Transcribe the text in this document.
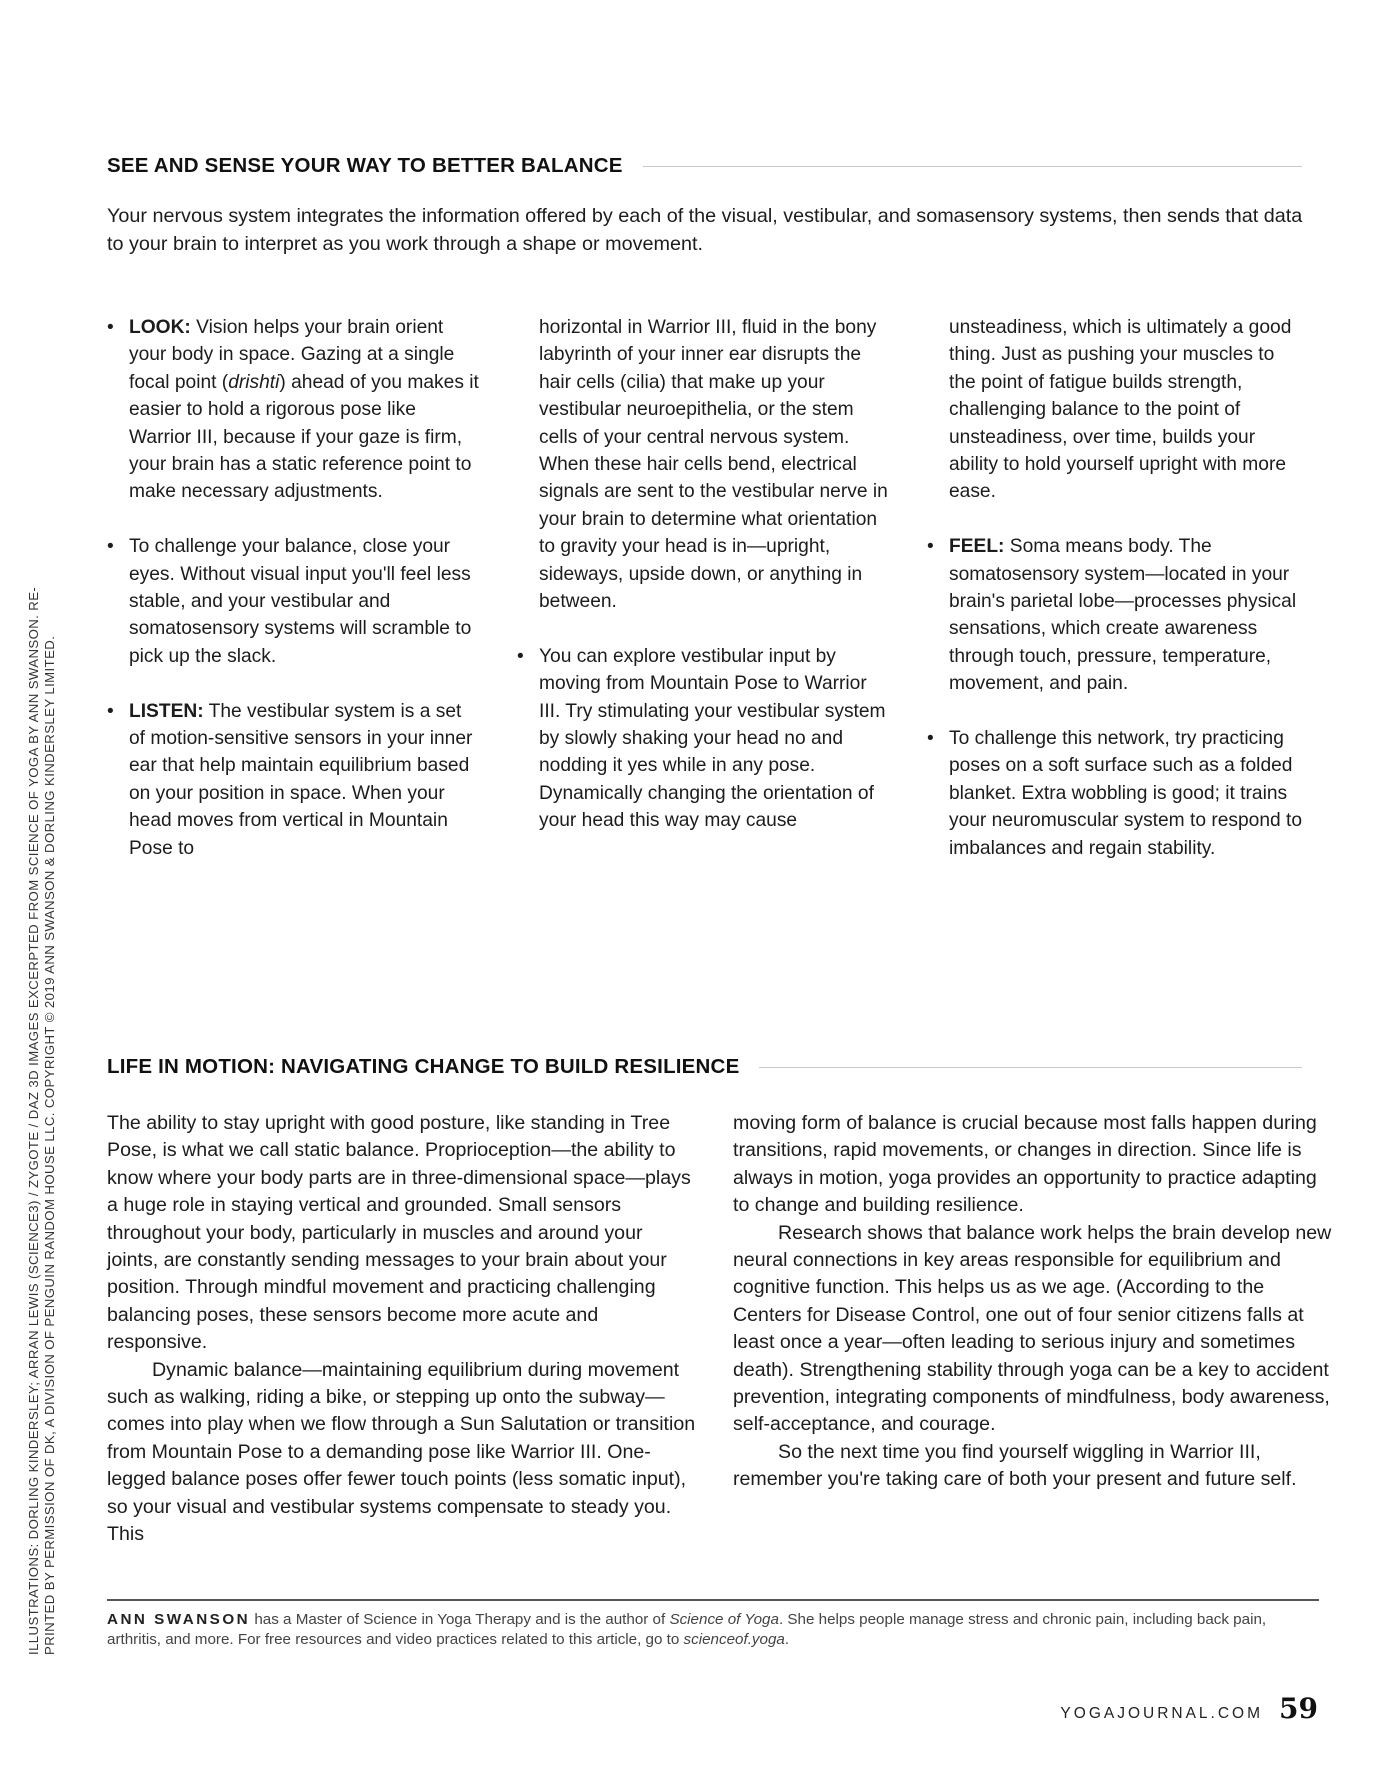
SEE AND SENSE YOUR WAY TO BETTER BALANCE

Your nervous system integrates the information offered by each of the visual, vestibular, and somasensory systems, then sends that data to your brain to interpret as you work through a shape or movement.

• LOOK: Vision helps your brain orient your body in space. Gazing at a single focal point (drishti) ahead of you makes it easier to hold a rigorous pose like Warrior III, because if your gaze is firm, your brain has a static reference point to make necessary adjustments.

• To challenge your balance, close your eyes. Without visual input you'll feel less stable, and your vestibular and somatosensory systems will scramble to pick up the slack.

• LISTEN: The vestibular system is a set of motion-sensitive sensors in your inner ear that help maintain equilibrium based on your position in space. When your head moves from vertical in Mountain Pose to

horizontal in Warrior III, fluid in the bony labyrinth of your inner ear disrupts the hair cells (cilia) that make up your vestibular neuroepithelia, or the stem cells of your central nervous system. When these hair cells bend, electrical signals are sent to the vestibular nerve in your brain to determine what orientation to gravity your head is in—upright, sideways, upside down, or anything in between.

• You can explore vestibular input by moving from Mountain Pose to Warrior III. Try stimulating your vestibular system by slowly shaking your head no and nodding it yes while in any pose. Dynamically changing the orientation of your head this way may cause

unsteadiness, which is ultimately a good thing. Just as pushing your muscles to the point of fatigue builds strength, challenging balance to the point of unsteadiness, over time, builds your ability to hold yourself upright with more ease.

• FEEL: Soma means body. The somatosensory system—located in your brain's parietal lobe—processes physical sensations, which create awareness through touch, pressure, temperature, movement, and pain.

• To challenge this network, try practicing poses on a soft surface such as a folded blanket. Extra wobbling is good; it trains your neuromuscular system to respond to imbalances and regain stability.

LIFE IN MOTION: NAVIGATING CHANGE TO BUILD RESILIENCE

The ability to stay upright with good posture, like standing in Tree Pose, is what we call static balance. Proprioception—the ability to know where your body parts are in three-dimensional space—plays a huge role in staying vertical and grounded. Small sensors throughout your body, particularly in muscles and around your joints, are constantly sending messages to your brain about your position. Through mindful movement and practicing challenging balancing poses, these sensors become more acute and responsive.

Dynamic balance—maintaining equilibrium during movement such as walking, riding a bike, or stepping up onto the subway—comes into play when we flow through a Sun Salutation or transition from Mountain Pose to a demanding pose like Warrior III. One-legged balance poses offer fewer touch points (less somatic input), so your visual and vestibular systems compensate to steady you. This

moving form of balance is crucial because most falls happen during transitions, rapid movements, or changes in direction. Since life is always in motion, yoga provides an opportunity to practice adapting to change and building resilience.

Research shows that balance work helps the brain develop new neural connections in key areas responsible for equilibrium and cognitive function. This helps us as we age. (According to the Centers for Disease Control, one out of four senior citizens falls at least once a year—often leading to serious injury and sometimes death). Strengthening stability through yoga can be a key to accident prevention, integrating components of mindfulness, body awareness, self-acceptance, and courage.

So the next time you find yourself wiggling in Warrior III, remember you're taking care of both your present and future self.

ANN SWANSON has a Master of Science in Yoga Therapy and is the author of Science of Yoga. She helps people manage stress and chronic pain, including back pain, arthritis, and more. For free resources and video practices related to this article, go to scienceof.yoga.
ILLUSTRATIONS: DORLING KINDERSLEY; ARRAN LEWIS (SCIENCE3) / ZYGOTE / DAZ 3D IMAGES EXCERPTED FROM SCIENCE OF YOGA BY ANN SWANSON. RE- PRINTED BY PERMISSION OF DK, A DIVISION OF PENGUIN RANDOM HOUSE LLC. COPYRIGHT © 2019 ANN SWANSON & DORLING KINDERSLEY LIMITED.
YOGAJOURNAL.COM 59
